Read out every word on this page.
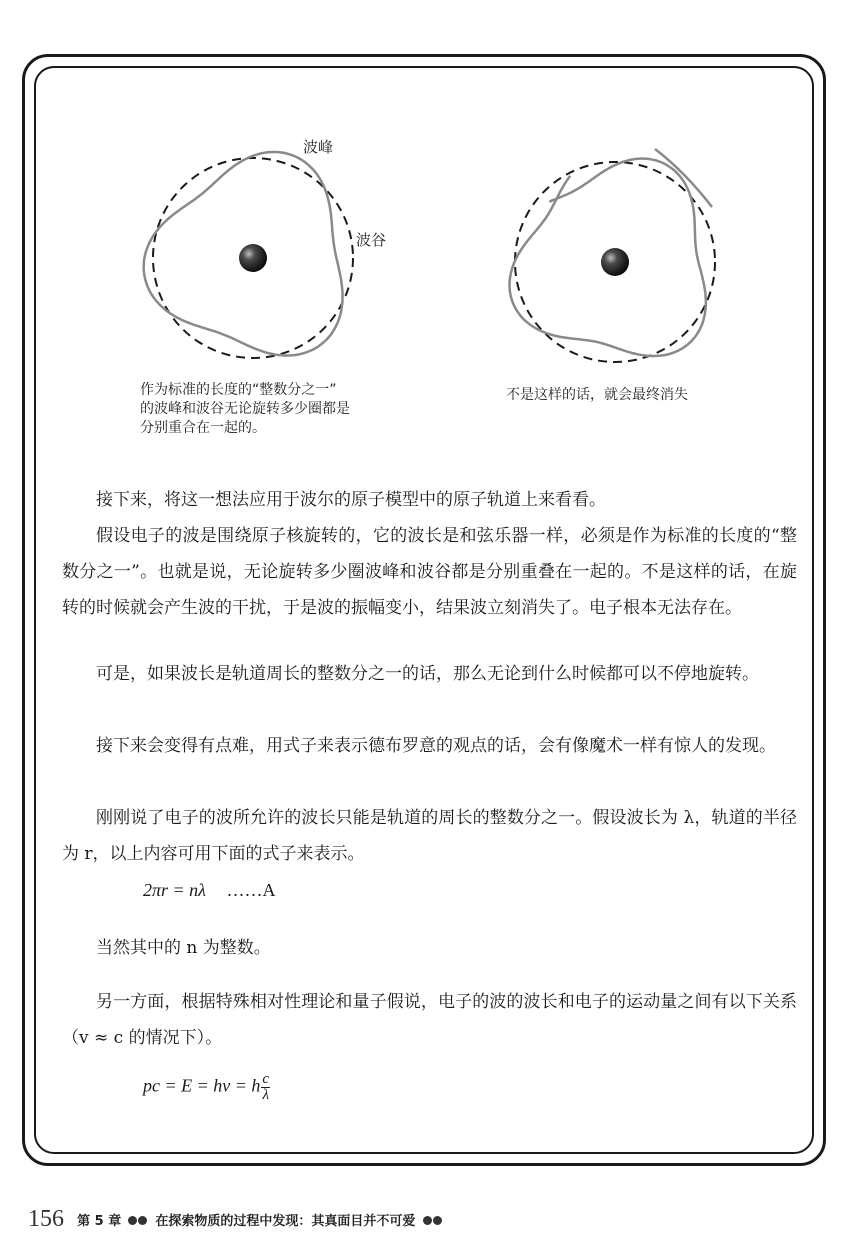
波峰
波谷
作为标准的长度的“整数分之一”
的波峰和波谷无论旋转多少圈都是
分别重合在一起的。
不是这样的话，就会最终消失
接下来，将这一想法应用于波尔的原子模型中的原子轨道上来看看。
假设电子的波是围绕原子核旋转的，它的波长是和弦乐器一样，必须是作为标准的长度的“整数分之一”。也就是说，无论旋转多少圈波峰和波谷都是分别重叠在一起的。不是这样的话，在旋转的时候就会产生波的干扰，于是波的振幅变小，结果波立刻消失了。电子根本无法存在。
可是，如果波长是轨道周长的整数分之一的话，那么无论到什么时候都可以不停地旋转。
接下来会变得有点难，用式子来表示德布罗意的观点的话，会有像魔术一样有惊人的发现。
刚刚说了电子的波所允许的波长只能是轨道的周长的整数分之一。假设波长为 λ，轨道的半径为 r，以上内容可用下面的式子来表示。
2πr = nλ ……A
当然其中的 n 为整数。
另一方面，根据特殊相对性理论和量子假说，电子的波的波长和电子的运动量之间有以下关系（v ≈ c 的情况下）。
pc = E = hν = h $\frac{c}{\lambda}$
156 第 5 章	在探索物质的过程中发现：其真面目并不可爱
